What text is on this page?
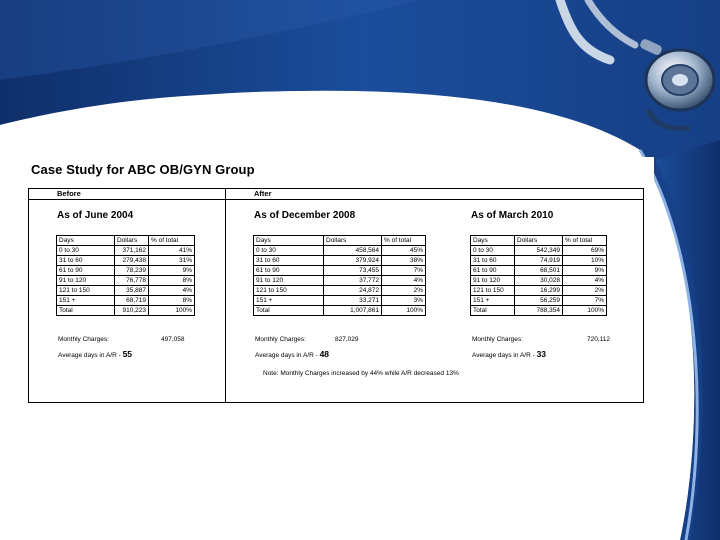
Case Study for ABC OB/GYN Group
Before	After
As of June 2004
Days	Dollars	% of total
0 to 30	371,162	41%
31 to 60	279,438	31%
61 to 90	78,239	9%
91 to 120	76,778	8%
121 to 150	35,887	4%
151 +	68,719	8%
Total	910,223	100%
Monthly Charges:	497,058
Average days in A/R - 55
As of December 2008
Days	Dollars	% of total
0 to 30	458,564	45%
31 to 60	379,924	38%
61 to 90	73,455	7%
91 to 120	37,772	4%
121 to 150	24,872	2%
151 +	33,271	3%
Total	1,007,861	100%
Monthly Charges:	827,029
Average days in A/R - 48
Note: Monthly Charges increased by 44% while A/R decreased 13%
As of March 2010
Days	Dollars	% of total
0 to 30	542,349	69%
31 to 60	74,919	10%
61 to 90	68,501	9%
91 to 120	30,028	4%
121 to 150	16,299	2%
151 +	56,259	7%
Total	788,354	100%
Monthly Charges:	720,112
Average days in A/R - 33
